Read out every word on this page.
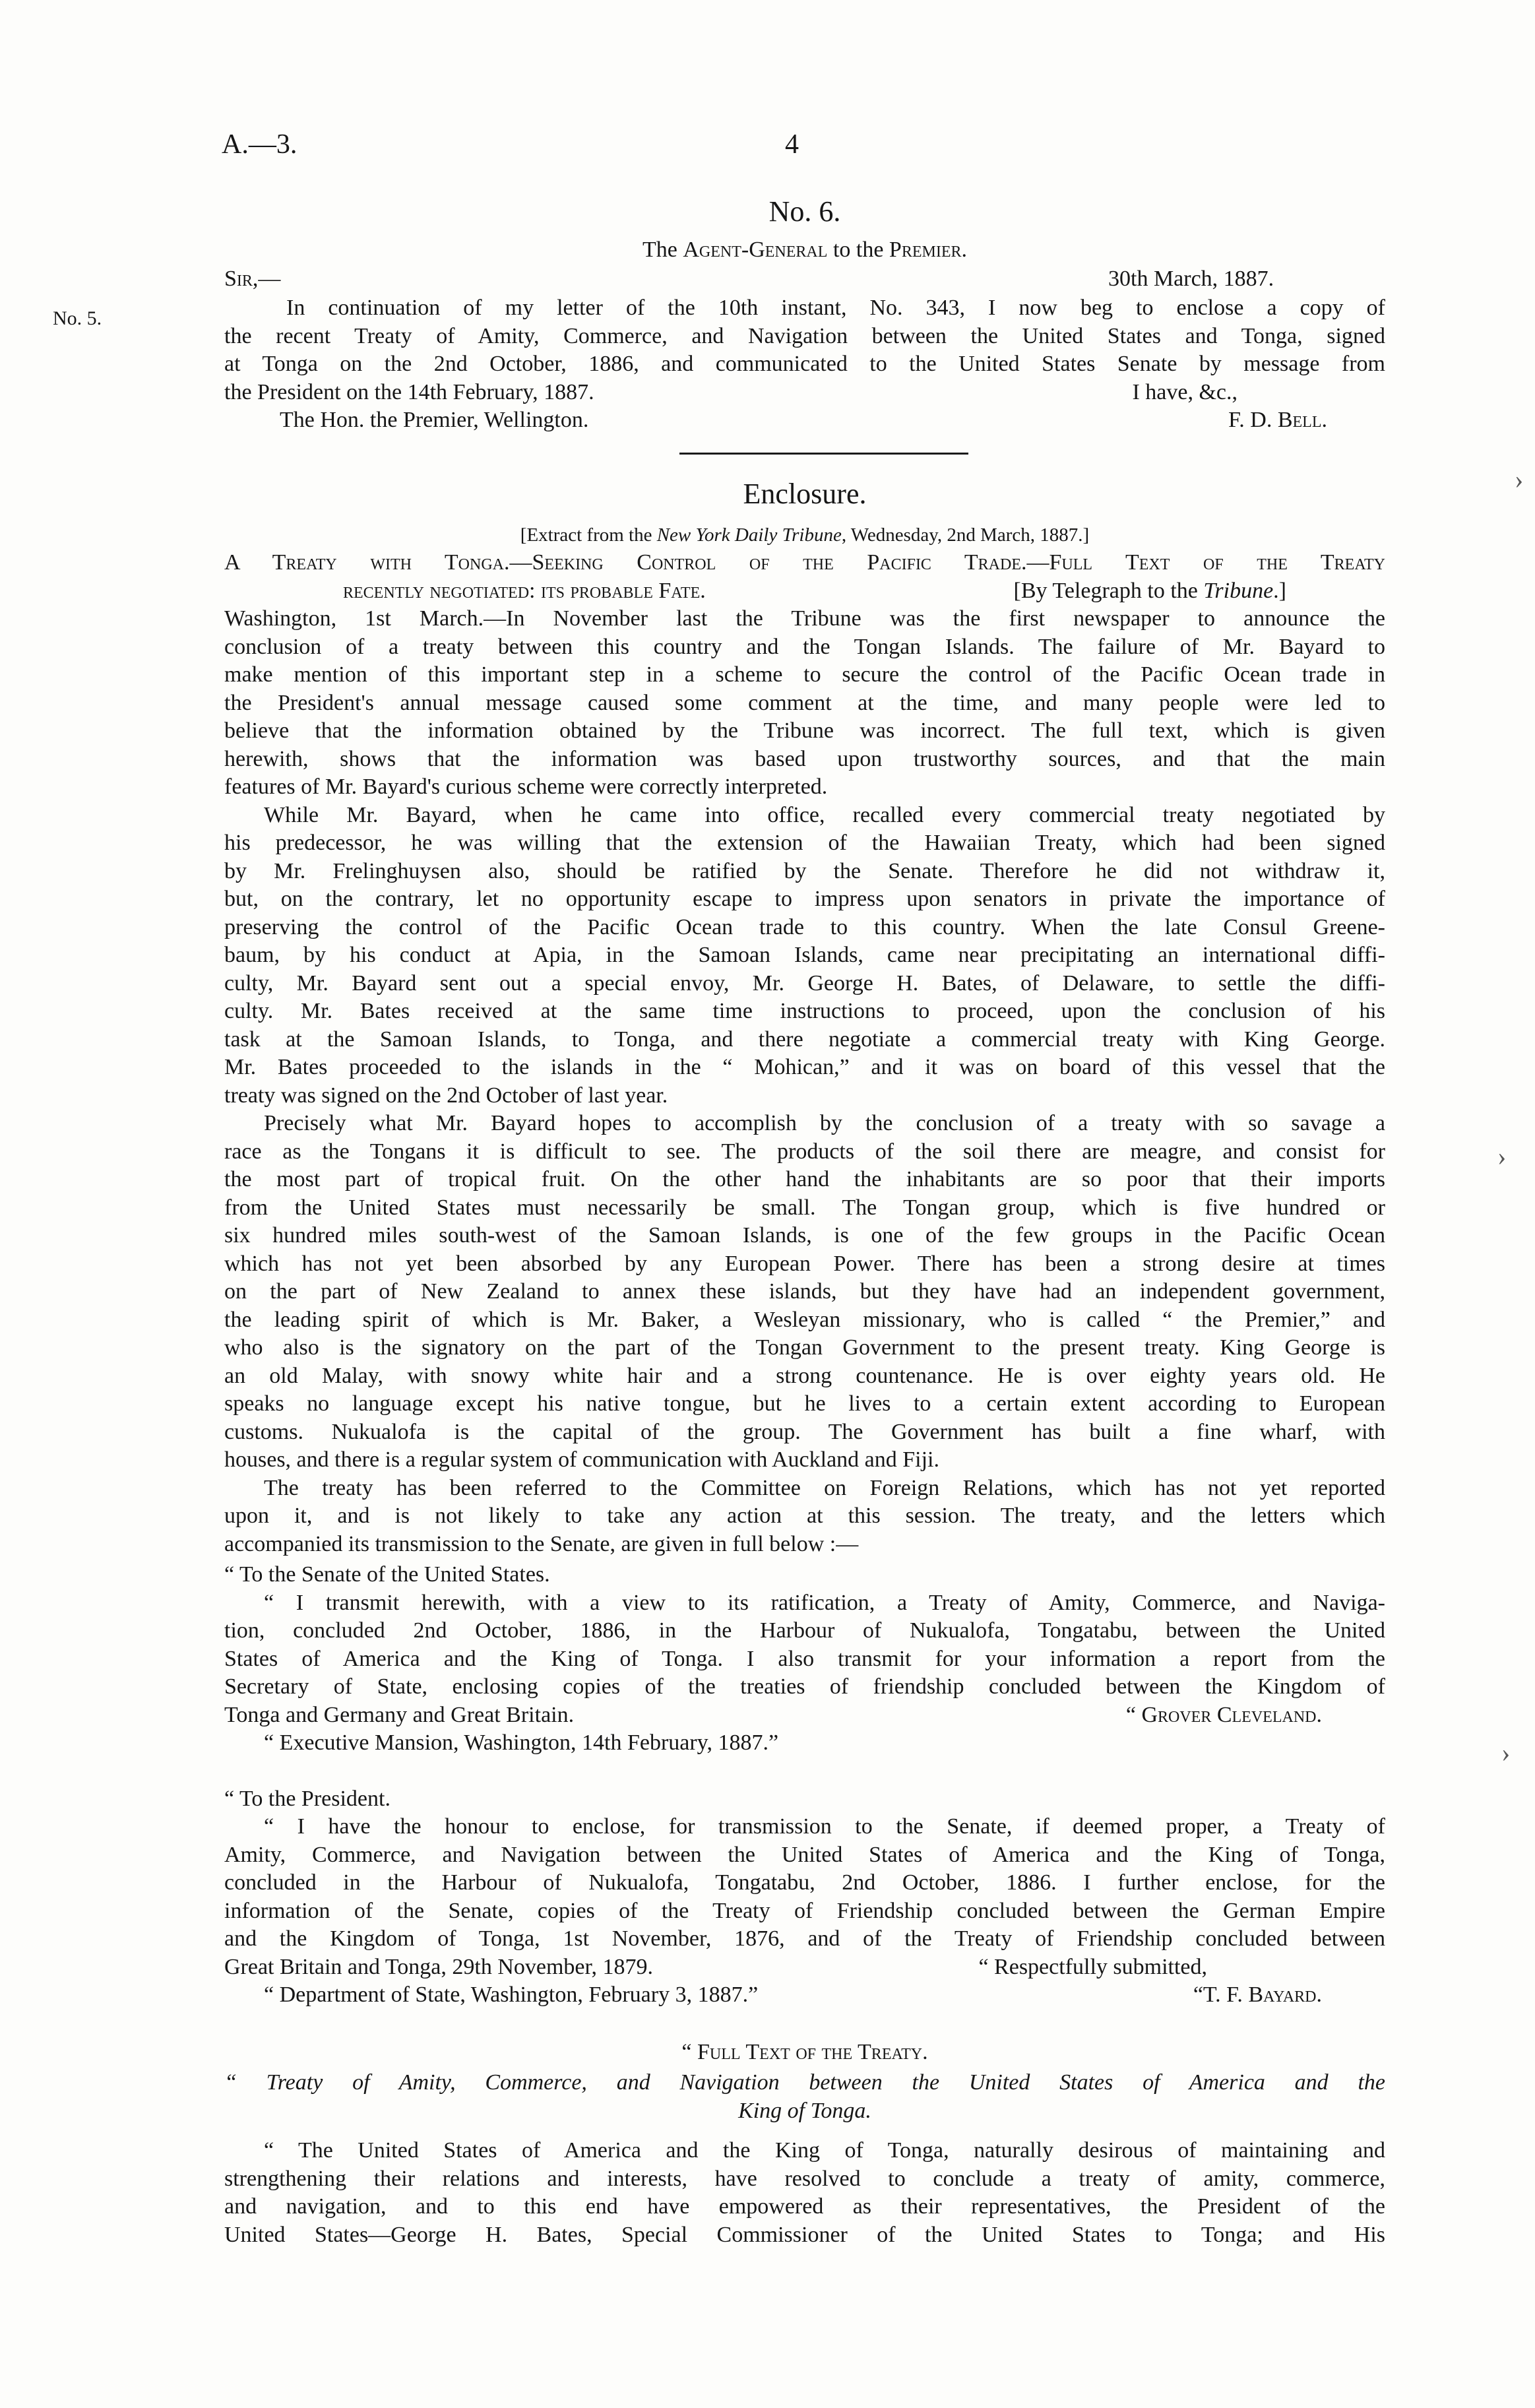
A.—3.	4
No. 6.
The Agent-General to the Premier.
Sir,—	30th March, 1887.
No. 5.	In continuation of my letter of the 10th instant, No. 343, I now beg to enclose a copy of
the recent Treaty of Amity, Commerce, and Navigation between the United States and Tonga, signed
at Tonga on the 2nd October, 1886, and communicated to the United States Senate by message from
the President on the 14th February, 1887.	I have, &c.,
The Hon. the Premier, Wellington.	F. D. Bell.
Enclosure.
[Extract from the New York Daily Tribune, Wednesday, 2nd March, 1887.]
A Treaty with Tonga.—Seeking Control of the Pacific Trade.—Full Text of the Treaty
recently negotiated: its probable Fate.	[By Telegraph to the Tribune.]
Washington, 1st March.—In November last the Tribune was the first newspaper to announce the
conclusion of a treaty between this country and the Tongan Islands. The failure of Mr. Bayard to
make mention of this important step in a scheme to secure the control of the Pacific Ocean trade in
the President's annual message caused some comment at the time, and many people were led to
believe that the information obtained by the Tribune was incorrect. The full text, which is given
herewith, shows that the information was based upon trustworthy sources, and that the main
features of Mr. Bayard's curious scheme were correctly interpreted.
While Mr. Bayard, when he came into office, recalled every commercial treaty negotiated by
his predecessor, he was willing that the extension of the Hawaiian Treaty, which had been signed
by Mr. Frelinghuysen also, should be ratified by the Senate. Therefore he did not withdraw it,
but, on the contrary, let no opportunity escape to impress upon senators in private the importance of
preserving the control of the Pacific Ocean trade to this country. When the late Consul Greene-
baum, by his conduct at Apia, in the Samoan Islands, came near precipitating an international diffi-
culty, Mr. Bayard sent out a special envoy, Mr. George H. Bates, of Delaware, to settle the diffi-
culty. Mr. Bates received at the same time instructions to proceed, upon the conclusion of his
task at the Samoan Islands, to Tonga, and there negotiate a commercial treaty with King George.
Mr. Bates proceeded to the islands in the “ Mohican,” and it was on board of this vessel that the
treaty was signed on the 2nd October of last year.
Precisely what Mr. Bayard hopes to accomplish by the conclusion of a treaty with so savage a
race as the Tongans it is difficult to see. The products of the soil there are meagre, and consist for
the most part of tropical fruit. On the other hand the inhabitants are so poor that their imports
from the United States must necessarily be small. The Tongan group, which is five hundred or
six hundred miles south-west of the Samoan Islands, is one of the few groups in the Pacific Ocean
which has not yet been absorbed by any European Power. There has been a strong desire at times
on the part of New Zealand to annex these islands, but they have had an independent government,
the leading spirit of which is Mr. Baker, a Wesleyan missionary, who is called “ the Premier,” and
who also is the signatory on the part of the Tongan Government to the present treaty. King George is
an old Malay, with snowy white hair and a strong countenance. He is over eighty years old. He
speaks no language except his native tongue, but he lives to a certain extent according to European
customs. Nukualofa is the capital of the group. The Government has built a fine wharf, with
houses, and there is a regular system of communication with Auckland and Fiji.
The treaty has been referred to the Committee on Foreign Relations, which has not yet reported
upon it, and is not likely to take any action at this session. The treaty, and the letters which
accompanied its transmission to the Senate, are given in full below :—
“ To the Senate of the United States.
“ I transmit herewith, with a view to its ratification, a Treaty of Amity, Commerce, and Naviga-
tion, concluded 2nd October, 1886, in the Harbour of Nukualofa, Tongatabu, between the United
States of America and the King of Tonga. I also transmit for your information a report from the
Secretary of State, enclosing copies of the treaties of friendship concluded between the Kingdom of
Tonga and Germany and Great Britain.	“ Grover Cleveland.
“ Executive Mansion, Washington, 14th February, 1887.”
“ To the President.
“ I have the honour to enclose, for transmission to the Senate, if deemed proper, a Treaty of
Amity, Commerce, and Navigation between the United States of America and the King of Tonga,
concluded in the Harbour of Nukualofa, Tongatabu, 2nd October, 1886. I further enclose, for the
information of the Senate, copies of the Treaty of Friendship concluded between the German Empire
and the Kingdom of Tonga, 1st November, 1876, and of the Treaty of Friendship concluded between
Great Britain and Tonga, 29th November, 1879.	“ Respectfully submitted,
“ Department of State, Washington, February 3, 1887.”	“T. F. Bayard.
“ Full Text of the Treaty.
“ Treaty of Amity, Commerce, and Navigation between the United States of America and the
King of Tonga.
“ The United States of America and the King of Tonga, naturally desirous of maintaining and
strengthening their relations and interests, have resolved to conclude a treaty of amity, commerce,
and navigation, and to this end have empowered as their representatives, the President of the
United States—George H. Bates, Special Commissioner of the United States to Tonga; and His
›
›
›
